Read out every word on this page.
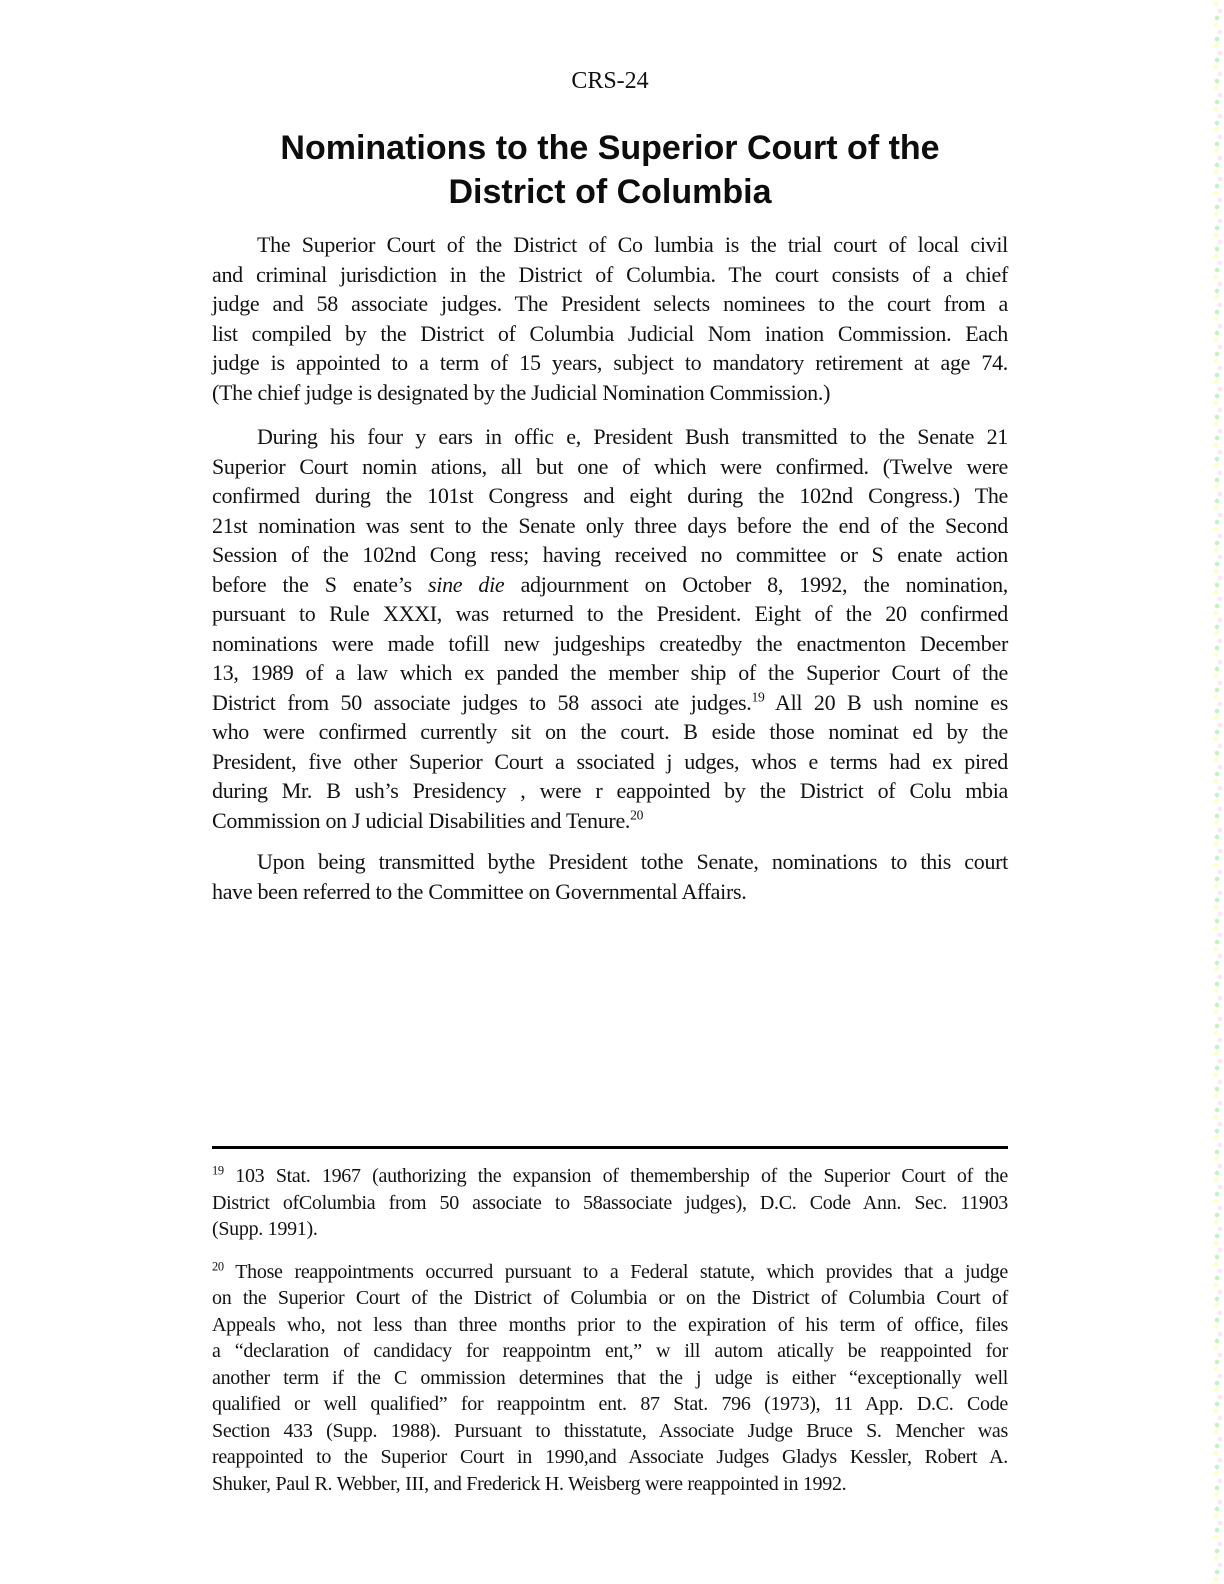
CRS-24
Nominations to the Superior Court of the
District of Columbia
The Superior Court of the District of Co lumbia is the trial court of local civil
and criminal jurisdiction in the District of Columbia. The court consists of a chief
judge and 58 associate judges. The President selects nominees to the court from a
list compiled by the District of Columbia Judicial Nom ination Commission. Each
judge is appointed to a term of 15 years, subject to mandatory retirement at age 74.
(The chief judge is designated by the Judicial Nomination Commission.)
During his four y ears in offic e, President Bush transmitted to the Senate 21
Superior Court nomin ations, all but one of which were confirmed. (Twelve were
confirmed during the 101st Congress and eight during the 102nd Congress.) The
21st nomination was sent to the Senate only three days before the end of the Second
Session of the 102nd Cong ress; having received no committee or S enate action
before the S enate’s sine die adjournment on October 8, 1992, the nomination,
pursuant to Rule XXXI, was returned to the President. Eight of the 20 confirmed
nominations were made tofill new judgeships createdby the enactmenton December
13, 1989 of a law which ex panded the member ship of the Superior Court of the
District from 50 associate judges to 58 associ ate judges.$^{19}$ All 20 B ush nomine es
who were confirmed currently sit on the court. B eside those nominat ed by the
President, five other Superior Court a ssociated j udges, whos e terms had ex pired
during Mr. B ush’s Presidency , were r eappointed by the District of Colu mbia
Commission on J udicial Disabilities and Tenure.$^{20}$
Upon being transmitted bythe President tothe Senate, nominations to this court
have been referred to the Committee on Governmental Affairs.
$^{19}$ 103 Stat. 1967 (authorizing the expansion of themembership of the Superior Court of the
District ofColumbia from 50 associate to 58associate judges), D.C. Code Ann. Sec. 11903
(Supp. 1991).
$^{20}$ Those reappointments occurred pursuant to a Federal statute, which provides that a judge
on the Superior Court of the District of Columbia or on the District of Columbia Court of
Appeals who, not less than three months prior to the expiration of his term of office, files
a “declaration of candidacy for reappointm ent,” w ill autom atically be reappointed for
another term if the C ommission determines that the j udge is either “exceptionally well
qualified or well qualified” for reappointm ent. 87 Stat. 796 (1973), 11 App. D.C. Code
Section 433 (Supp. 1988). Pursuant to thisstatute, Associate Judge Bruce S. Mencher was
reappointed to the Superior Court in 1990,and Associate Judges Gladys Kessler, Robert A.
Shuker, Paul R. Webber, III, and Frederick H. Weisberg were reappointed in 1992.
